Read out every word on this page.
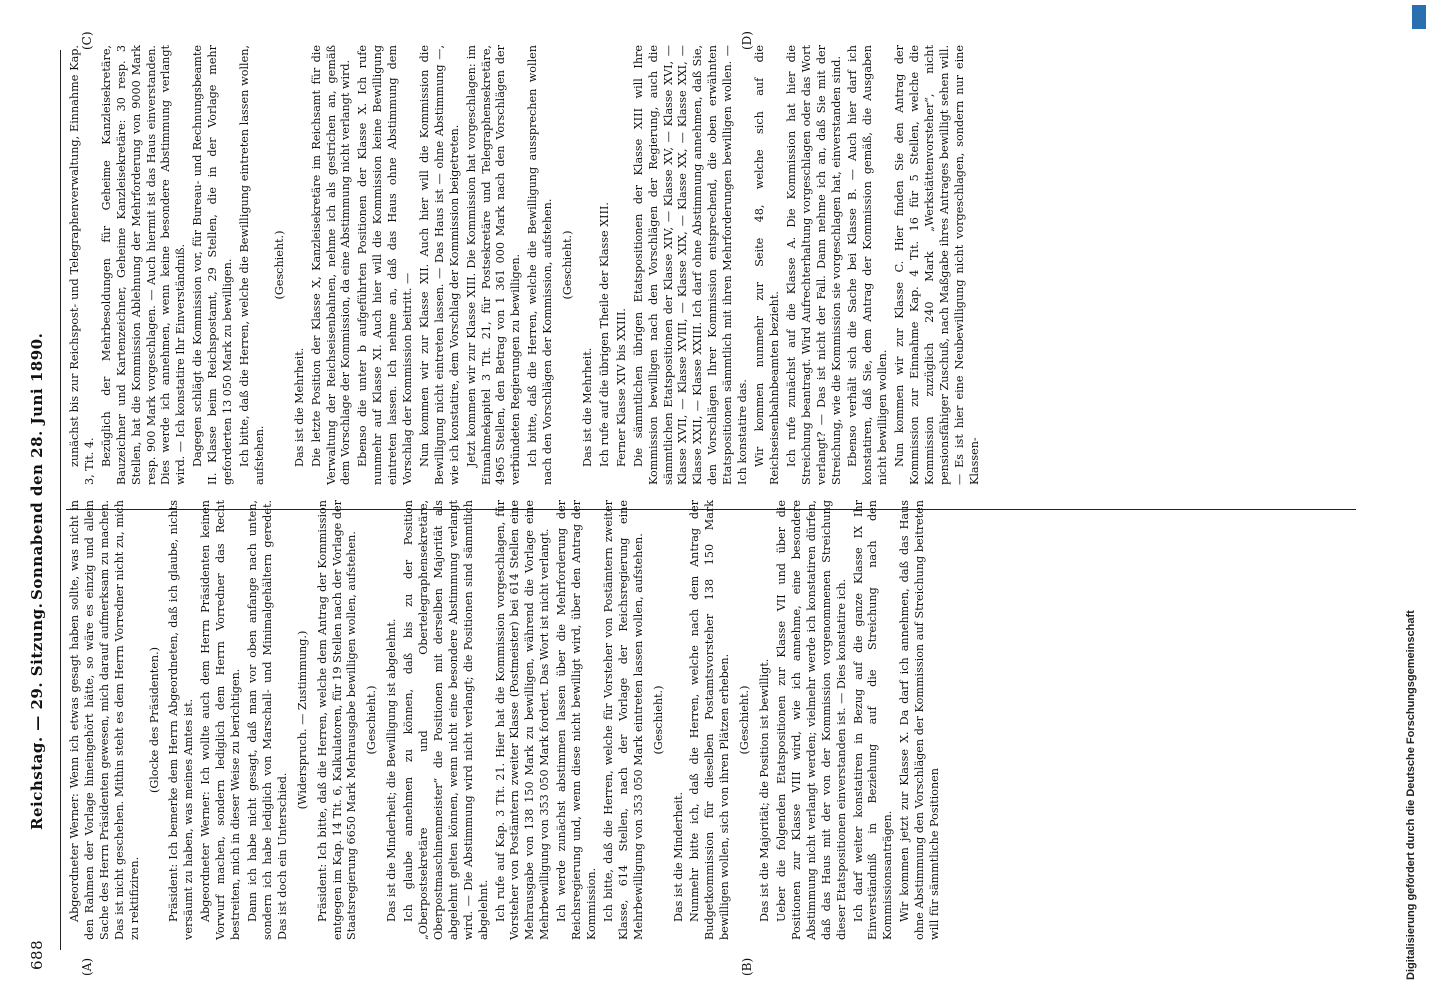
688
Reichstag. — 29. Sitzung.
Sonnabend den 28. Juni 1890.
(A)	(B)
(C)	(D)

Abgeordneter Werner: Wenn ich etwas gesagt haben sollte, was nicht in den Rahmen der Vorlage hineingehört hätte, so wäre es einzig und allein Sache des Herrn Präsidenten gewesen, mich darauf aufmerksam zu machen. Das ist nicht geschehen. Mithin steht es dem Herrn Vorredner nicht zu, mich zu rektifiziren.

(Glocke des Präsidenten.) Präsident: Ich bemerke dem Herrn Abgeordneten, daß ich glaube, nichts versäumt zu haben, was meines Amtes ist. Abgeordneter Werner: Ich wollte auch dem Herrn Präsidenten keinen Vorwurf machen, sondern lediglich dem Herrn Vorredner das Recht bestreiten, mich in dieser Weise zu berichtigen. Dann ich habe nicht gesagt, daß man vor oben anfange nach unten, sondern ich habe lediglich von Marschall- und Minimalgehältern geredet. Das ist doch ein Unterschied.

(Widerspruch. — Zustimmung.) Präsident: Ich bitte, daß die Herren, welche dem Antrag der Kommission entgegen im Kap. 14 Tit. 6, Kalkulatoren, für 19 Stellen nach der Vorlage der Staatsregierung 6650 Mark Mehrausgabe bewilligen wollen, aufstehen. (Geschieht.) Das ist die Minderheit; die Bewilligung ist abgelehnt. Ich glaube annehmen zu können, daß bis zu der Position „Oberpostsekretäre und Obertelegraphensekretäre, Oberpostmaschinenmeister“ die Positionen mit derselben Majorität als abgelehnt gelten können, wenn nicht eine besondere Abstimmung verlangt wird. — Die Abstimmung wird nicht verlangt; die Positionen sind sämmtlich abgelehnt. Ich rufe auf Kap. 3 Tit. 21. Hier hat die Kommission vorgeschlagen, für Vorsteher von Postämtern zweiter Klasse (Postmeister) bei 614 Stellen eine Mehrausgabe von 138 150 Mark zu bewilligen, während die Vorlage eine Mehrbewilligung von 353 050 Mark fordert. Das Wort ist nicht verlangt. Ich werde zunächst abstimmen lassen über die Mehrforderung der Reichsregierung und, wenn diese nicht bewilligt wird, über den Antrag der Kommission. Ich bitte, daß die Herren, welche für Vorsteher von Postämtern zweiter Klasse, 614 Stellen, nach der Vorlage der Reichsregierung eine Mehrbewilligung von 353 050 Mark eintreten lassen wollen, aufstehen. (Geschieht.)

Das ist die Minderheit. Nunmehr bitte ich, daß die Herren, welche nach dem Antrag der Budgetkommission für dieselben Postamtsvorsteher 138 150 Mark bewilligen wollen, sich von ihren Plätzen erheben. (Geschieht.) Das ist die Majorität; die Position ist bewilligt. Ueber die folgenden Etatspositionen zur Klasse VII und über die Positionen zur Klasse VIII wird, wie ich annehme, eine besondere Abstimmung nicht verlangt werden; vielmehr werde ich konstatiren dürfen, daß das Haus mit der von der Kommission vorgenommenen Streichung dieser Etatspositionen einverstanden ist. — Dies konstatire ich. Ich darf weiter konstatiren in Bezug auf die ganze Klasse IX Ihr Einverständniß in Beziehung auf die Streichung nach den Kommissionsanträgen. Wir kommen jetzt zur Klasse X. Da darf ich annehmen, daß das Haus ohne Abstimmung den Vorschlägen der Kommission auf Streichung beitreten will für sämmtliche Positionen

zunächst bis zur Reichspost- und Telegraphenverwaltung, Einnahme Kap. 3, Tit. 4. Bezüglich der Mehrbesoldungen für Geheime Kanzleisekretäre, Bauzeichner und Kartenzeichner, Geheime Kanzleisekretäre: 30 resp. 3 Stellen, hat die Kommission Ablehnung der Mehrforderung von 9000 Mark resp. 900 Mark vorgeschlagen. — Auch hiermit ist das Haus einverstanden. Dies werde ich annehmen, wenn keine besondere Abstimmung verlangt wird. — Ich konstatire Ihr Einverständniß. Dagegen schlägt die Kommission vor, für Bureau- und Rechnungsbeamte II. Klasse beim Reichspostamt, 29 Stellen, die in der Vorlage mehr geforderten 13 050 Mark zu bewilligen. Ich bitte, daß die Herren, welche die Bewilligung eintreten lassen wollen, aufstehen.

(Geschieht.)

Das ist die Mehrheit. Die letzte Position der Klasse X, Kanzleisekretäre im Reichsamt für die Verwaltung der Reichseisenbahnen, nehme ich als gestrichen an, gemäß dem Vorschlage der Kommission, da eine Abstimmung nicht verlangt wird. Ebenso die unter b aufgeführten Positionen der Klasse X. Ich rufe nunmehr auf Klasse XI. Auch hier will die Kommission keine Bewilligung eintreten lassen. Ich nehme an, daß das Haus ohne Abstimmung dem Vorschlag der Kommission beitritt. — Nun kommen wir zur Klasse XII. Auch hier will die Kommission die Bewilligung nicht eintreten lassen. — Das Haus ist — ohne Abstimmung —, wie ich konstatire, dem Vorschlag der Kommission beigetreten. Jetzt kommen wir zur Klasse XIII. Die Kommission hat vorgeschlagen: im Einnahmekapitel 3 Tit. 21, für Postsekretäre und Telegraphensekretäre, 4965 Stellen, den Betrag von 1 361 000 Mark nach den Vorschlägen der verbündeten Regierungen zu bewilligen. Ich bitte, daß die Herren, welche die Bewilligung aussprechen wollen nach den Vorschlägen der Kommission, aufstehen. (Geschieht.)

Das ist die Mehrheit. Ich rufe auf die übrigen Theile der Klasse XIII. Ferner Klasse XIV bis XXIII. Die sämmtlichen übrigen Etatspositionen der Klasse XIII will Ihre Kommission bewilligen nach den Vorschlägen der Regierung, auch die sämmtlichen Etatspositionen der Klasse XIV, — Klasse XV, — Klasse XVI, — Klasse XVII, — Klasse XVIII, — Klasse XIX, — Klasse XX, — Klasse XXI, — Klasse XXII, — Klasse XXIII. Ich darf ohne Abstimmung annehmen, daß Sie, den Vorschlägen Ihrer Kommission entsprechend, die oben erwähnten Etatspositionen sämmtlich mit ihren Mehrforderungen bewilligen wollen. — Ich konstatire das. Wir kommen nunmehr zur Seite 48, welche sich auf die Reichseisenbahnbeamten bezieht. Ich rufe zunächst auf die Klasse A. Die Kommission hat hier die Streichung beantragt. Wird Aufrechterhaltung vorgeschlagen oder das Wort verlangt? — Das ist nicht der Fall. Dann nehme ich an, daß Sie mit der Streichung, wie die Kommission sie vorgeschlagen hat, einverstanden sind. Ebenso verhält sich die Sache bei Klasse B. — Auch hier darf ich konstatiren, daß Sie, dem Antrag der Kommission gemäß, die Ausgaben nicht bewilligen wollen. Nun kommen wir zur Klasse C. Hier finden Sie den Antrag der Kommission zur Einnahme Kap. 4 Tit. 16 für 5 Stellen, welche die Kommission zuzüglich 240 Mark „Werkstättenvorsteher“, nicht pensionsfähiger Zuschuß, nach Maßgabe ihres Antrages bewilligt sehen will. — Es ist hier eine Neubewilligung nicht vorgeschlagen, sondern nur eine Klassen-

Digitalisierung gefördert durch die Deutsche Forschungsgemeinschaft
